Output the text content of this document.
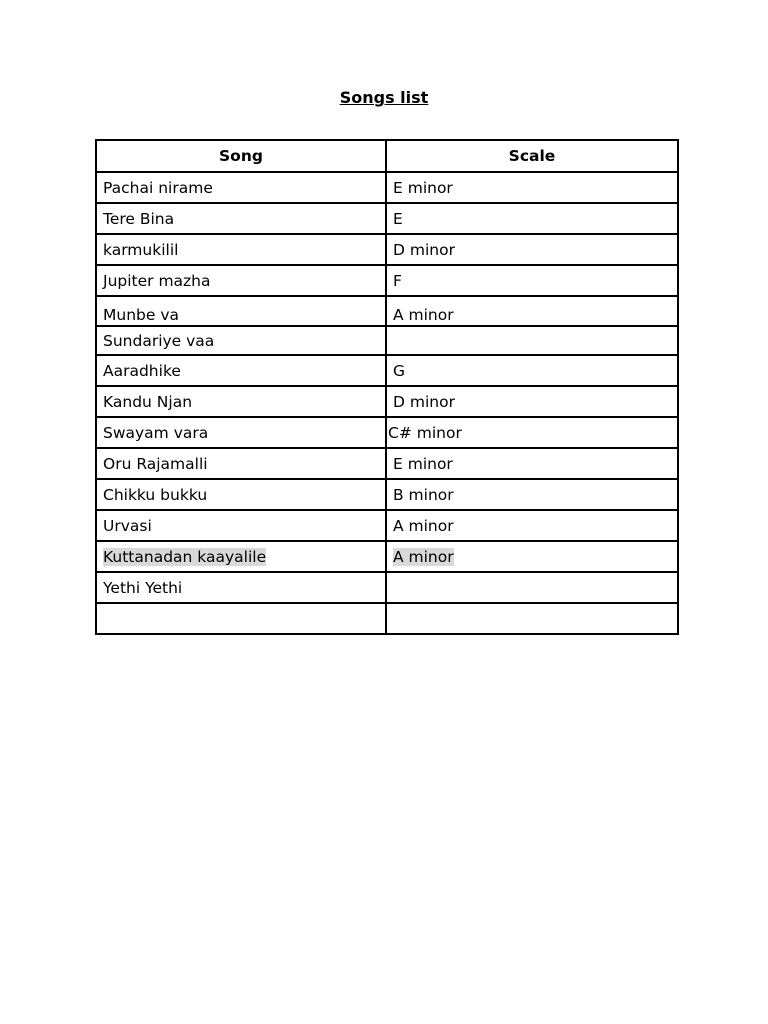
Songs list
Song	Scale
Pachai nirame	E minor
Tere Bina	E
karmukilil	D minor
Jupiter mazha	F
Munbe va	A minor
Sundariye vaa	
Aaradhike	G
Kandu Njan	D minor
Swayam vara	C# minor
Oru Rajamalli	E minor
Chikku bukku	B minor
Urvasi	A minor
Kuttanadan kaayalile	A minor
Yethi Yethi	
